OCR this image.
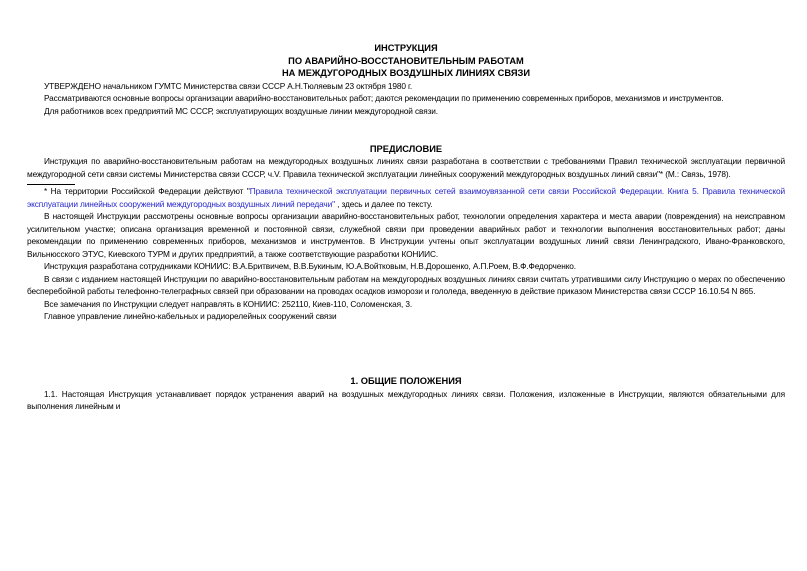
ИНСТРУКЦИЯ
ПО АВАРИЙНО-ВОССТАНОВИТЕЛЬНЫМ РАБОТАМ
НА МЕЖДУГОРОДНЫХ ВОЗДУШНЫХ ЛИНИЯХ СВЯЗИ

УТВЕРЖДЕНО начальником ГУМТС Министерства связи СССР А.Н.Тюляевым 23 октября 1980 г.

Рассматриваются основные вопросы организации аварийно-восстановительных работ; даются рекомендации по применению современных приборов, механизмов и инструментов.

Для работников всех предприятий МС СССР, эксплуатирующих воздушные линии междугородной связи.

ПРЕДИСЛОВИЕ

Инструкция по аварийно-восстановительным работам на междугородных воздушных линиях связи разработана в соответствии с требованиями Правил технической эксплуатации первичной междугородной сети связи системы Министерства связи СССР, ч.V. Правила технической эксплуатации линейных сооружений междугородных воздушных линий связи"* (М.: Связь, 1978).

* На территории Российской Федерации действуют "Правила технической эксплуатации первичных сетей взаимоувязанной сети связи Российской Федерации. Книга 5. Правила технической эксплуатации линейных сооружений междугородных воздушных линий передачи" , здесь и далее по тексту.

В настоящей Инструкции рассмотрены основные вопросы организации аварийно-восстановительных работ, технологии определения характера и места аварии (повреждения) на неисправном усилительном участке; описана организация временной и постоянной связи, служебной связи при проведении аварийных работ и технологии выполнения восстановительных работ; даны рекомендации по применению современных приборов, механизмов и инструментов. В Инструкции учтены опыт эксплуатации воздушных линий связи Ленинградского, Ивано-Франковского, Вильнюсского ЭТУС, Киевского ТУРМ и других предприятий, а также соответствующие разработки КОНИИС.

Инструкция разработана сотрудниками КОНИИС: В.А.Бритвичем, В.В.Букиным, Ю.А.Войтковым, Н.В.Дорошенко, А.П.Роем, В.Ф.Федорченко.

В связи с изданием настоящей Инструкции по аварийно-восстановительным работам на междугородных воздушных линиях связи считать утратившими силу Инструкцию о мерах по обеспечению бесперебойной работы телефонно-телеграфных связей при образовании на проводах осадков изморози и гололеда, введенную в действие приказом Министерства связи СССР 16.10.54 N 865.

Все замечания по Инструкции следует направлять в КОНИИС: 252110, Киев-110, Соломенская, 3.

Главное управление линейно-кабельных и радиорелейных сооружений связи

1. ОБЩИЕ ПОЛОЖЕНИЯ

1.1. Настоящая Инструкция устанавливает порядок устранения аварий на воздушных междугородных линиях связи. Положения, изложенные в Инструкции, являются обязательными для выполнения линейным и
